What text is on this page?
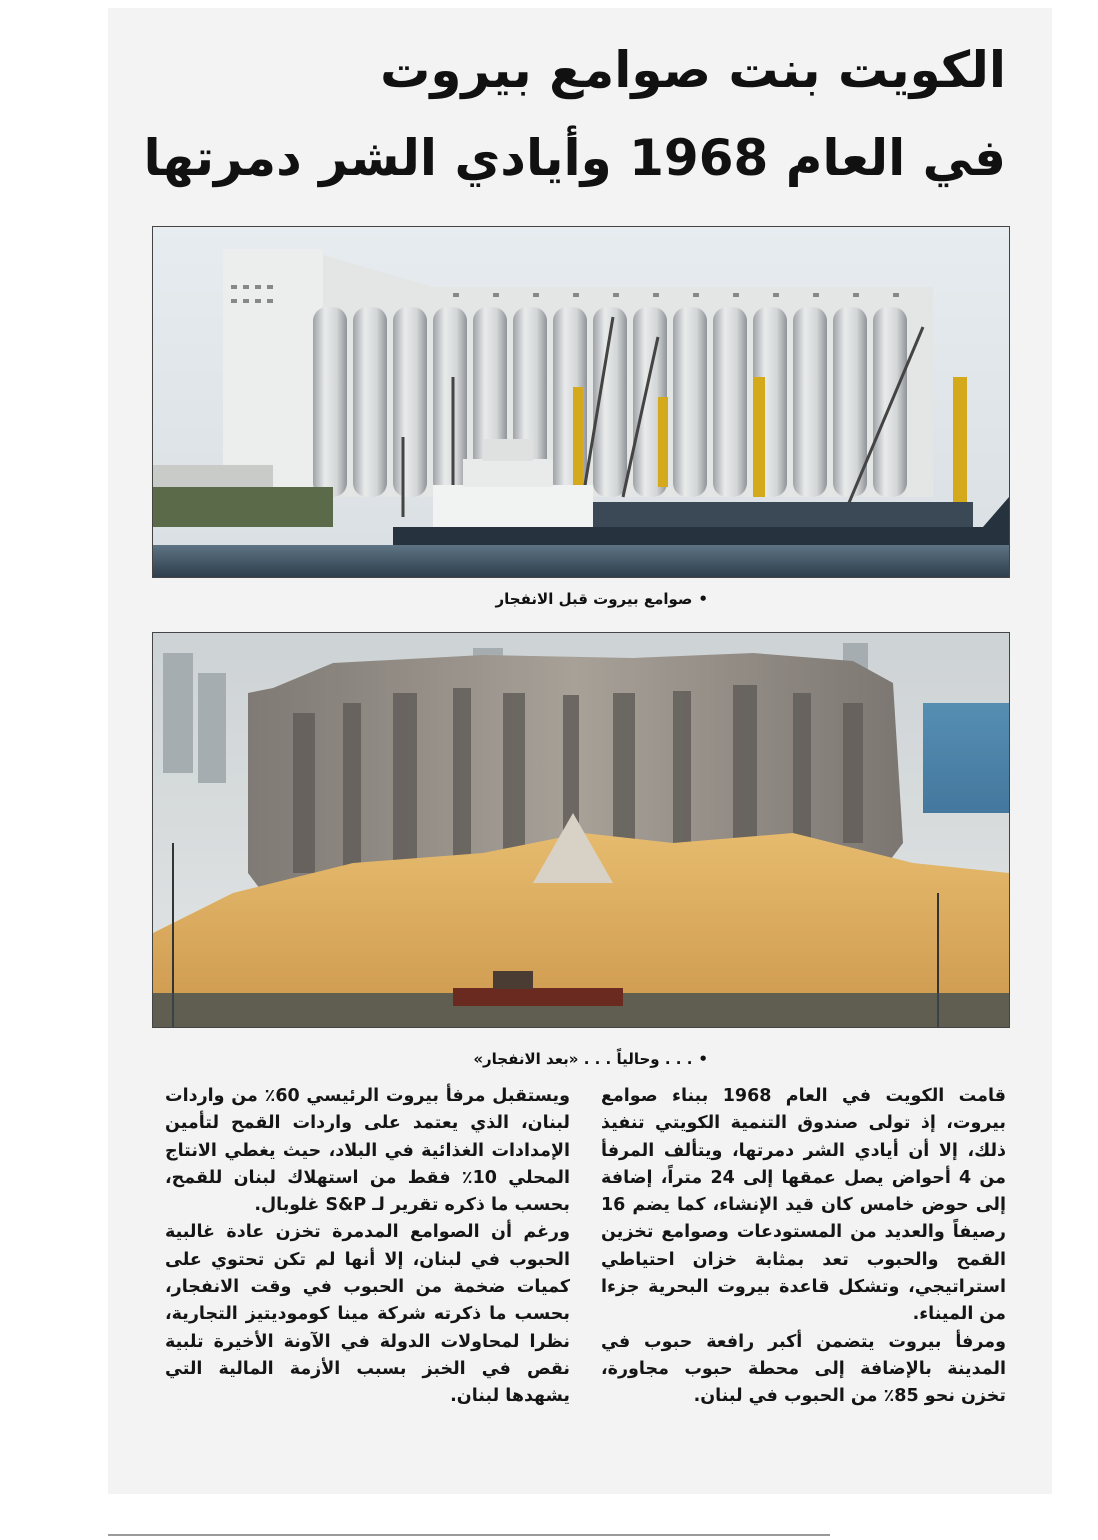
الكويت بنت صوامع بيروت
في العام 1968 وأيادي الشر دمرتها
•صوامع بيروت قبل الانفجار
•. . . وحالياً . . . «بعد الانفجار»

قامت الكويت في العام 1968 ببناء صوامع بيروت، إذ تولى صندوق التنمية الكويتي تنفيذ ذلك، إلا أن أيادي الشر دمرتها، ويتألف المرفأ من 4 أحواض يصل عمقها إلى 24 متراً، إضافة إلى حوض خامس كان قيد الإنشاء، كما يضم 16 رصيفاً والعديد من المستودعات وصوامع تخزين القمح والحبوب تعد بمثابة خزان احتياطي استراتيجي، وتشكل قاعدة بيروت البحرية جزءا من الميناء.

ومرفأ بيروت يتضمن أكبر رافعة حبوب في المدينة بالإضافة إلى محطة حبوب مجاورة، تخزن نحو 85٪ من الحبوب في لبنان.

ويستقبل مرفأ بيروت الرئيسي 60٪ من واردات لبنان، الذي يعتمد على واردات القمح لتأمين الإمدادات الغذائية في البلاد، حيث يغطي الانتاج المحلي 10٪ فقط من استهلاك لبنان للقمح، بحسب ما ذكره تقرير لـ S&P غلوبال.

ورغم أن الصوامع المدمرة تخزن عادة غالبية الحبوب في لبنان، إلا أنها لم تكن تحتوي على كميات ضخمة من الحبوب في وقت الانفجار، بحسب ما ذكرته شركة مينا كوموديتيز التجارية، نظرا لمحاولات الدولة في الآونة الأخيرة تلبية نقص في الخبز بسبب الأزمة المالية التي يشهدها لبنان.
